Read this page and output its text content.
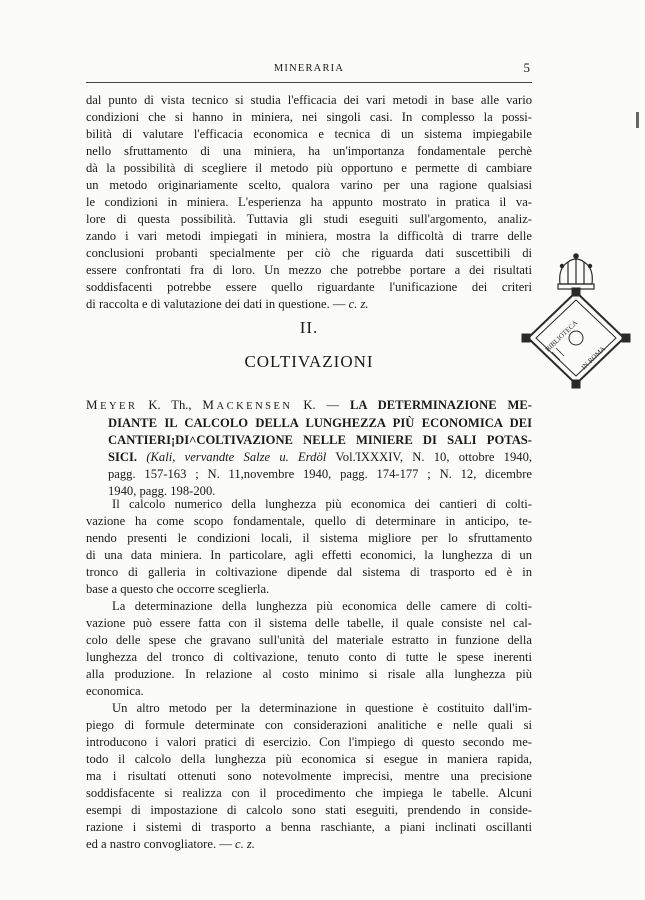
MINERARIA	5
dal punto di vista tecnico si studia l'efficacia dei vari metodi in base alle vario
condizioni che si hanno in miniera, nei singoli casi. In complesso la possi-
bilità di valutare l'efficacia economica e tecnica di un sistema impiegabile
nello sfruttamento di una miniera, ha un'importanza fondamentale perchè
dà la possibilità di scegliere il metodo più opportuno e permette di cambiare
un metodo originariamente scelto, qualora varino per una ragione qualsiasi
le condizioni in miniera. L'esperienza ha appunto mostrato in pratica il va-
lore di questa possibilità. Tuttavia gli studi eseguiti sull'argomento, analiz-
zando i vari metodi impiegati in miniera, mostra la difficoltà di trarre delle
conclusioni probanti specialmente per ciò che riguarda dati suscettibili di
essere confrontati fra di loro. Un mezzo che potrebbe portare a dei risultati
soddisfacenti potrebbe essere quello riguardante l'unificazione dei criteri
di raccolta e di valutazione dei dati in questione. — c. z.
II.
COLTIVAZIONI
MEYER K. Th., MACKENSEN K. — LA DETERMINAZIONE ME-
DIANTE IL CALCOLO DELLA LUNGHEZZA PIÙ ECONOMICA DEI
CANTIERI¡DI˄COLTIVAZIONE NELLE MINIERE DI SALI POTAS-
SICI. (Kali, vervandte Salze u. Erdöl Vol.ΊXXXIV, N. 10, ottobre 1940,
pagg. 157-163 ; N. 11,novembre 1940, pagg. 174-177 ; N. 12, dicembre
1940, pagg. 198-200.
Il calcolo numerico della lunghezza più economica dei cantieri di colti-
vazione ha come scopo fondamentale, quello di determinare in anticipo, te-
nendo presenti le condizioni locali, il sistema migliore per lo sfruttamento
di una data miniera. In particolare, agli effetti economici, la lunghezza di un
tronco di galleria in coltivazione dipende dal sistema di trasporto ed è in
base a questo che occorre sceglierla.
La determinazione della lunghezza più economica delle camere di colti-
vazione può essere fatta con il sistema delle tabelle, il quale consiste nel cal-
colo delle spese che gravano sull'unità del materiale estratto in funzione della
lunghezza del tronco di coltivazione, tenuto conto di tutte le spese inerenti
alla produzione. In relazione al costo minimo si risale alla lunghezza più
economica.
Un altro metodo per la determinazione in questione è costituito dall'im-
piego di formule determinate con considerazioni analitiche e nelle quali si
introducono i valori pratici di esercizio. Con l'impiego di questo secondo me-
todo il calcolo della lunghezza più economica si esegue in maniera rapida,
ma i risultati ottenuti sono notevolmente imprecisi, mentre una precisione
soddisfacente si realizza con il procedimento che impiega le tabelle. Alcuni
esempi di impostazione di calcolo sono stati eseguiti, prendendo in conside-
razione i sistemi di trasporto a benna raschiante, a piani inclinati oscillanti
ed a nastro convogliatore. — c. z.
BIBLIOTECA
IN ROMA
